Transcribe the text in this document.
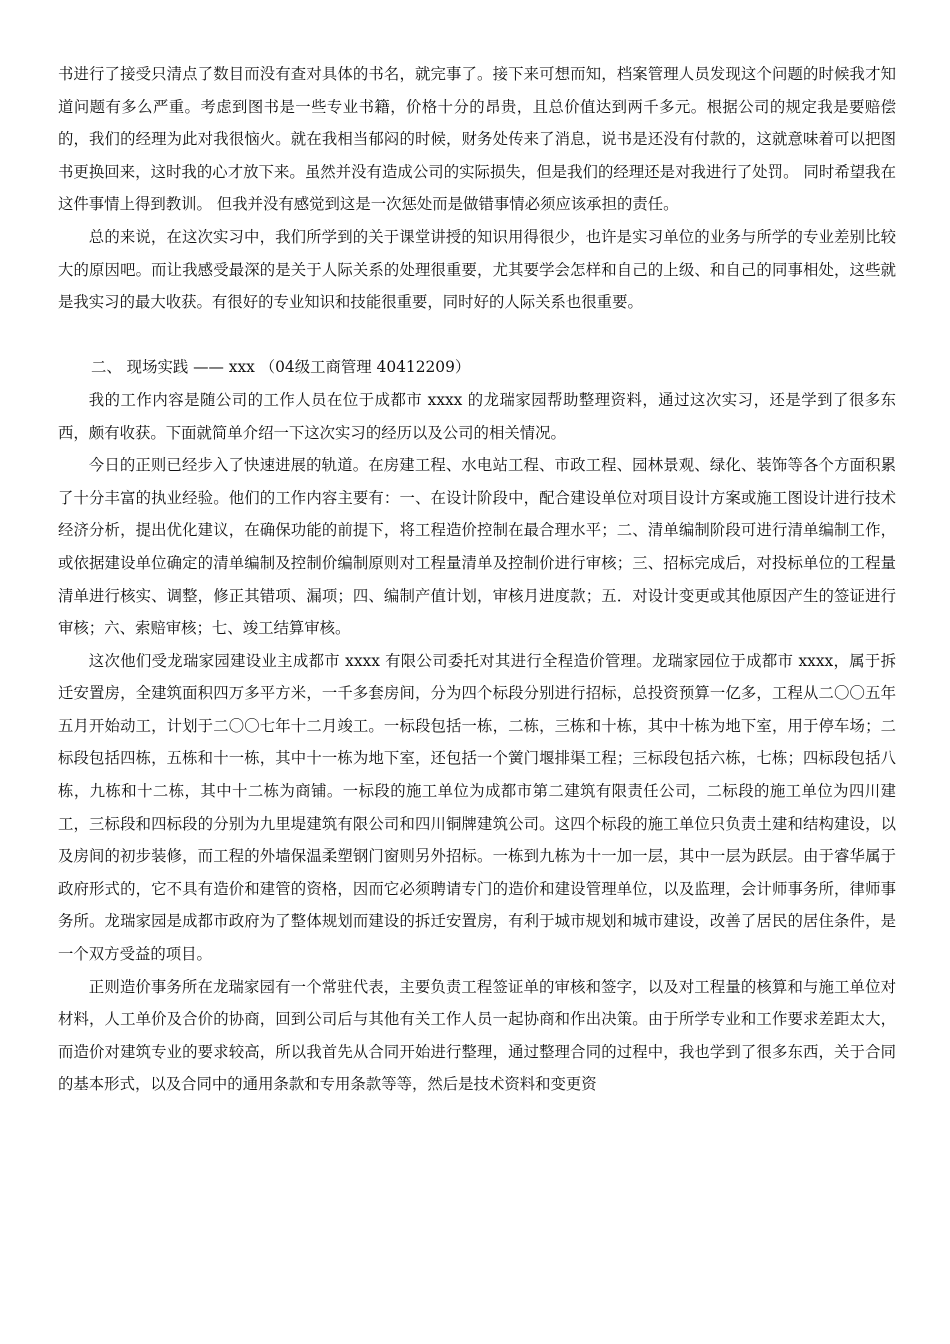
书进行了接受只清点了数目而没有查对具体的书名，就完事了。接下来可想而知，档案管理人员发现这个问题的时候我才知道问题有多么严重。考虑到图书是一些专业书籍，价格十分的昂贵，且总价值达到两千多元。根据公司的规定我是要赔偿的，我们的经理为此对我很恼火。就在我相当郁闷的时候，财务处传来了消息，说书是还没有付款的，这就意味着可以把图书更换回来，这时我的心才放下来。虽然并没有造成公司的实际损失，但是我们的经理还是对我进行了处罚。 同时希望我在这件事情上得到教训。 但我并没有感觉到这是一次惩处而是做错事情必须应该承担的责任。

总的来说，在这次实习中，我们所学到的关于课堂讲授的知识用得很少，也许是实习单位的业务与所学的专业差别比较大的原因吧。而让我感受最深的是关于人际关系的处理很重要，尤其要学会怎样和自己的上级、和自己的同事相处，这些就是我实习的最大收获。有很好的专业知识和技能很重要，同时好的人际关系也很重要。

二、 现场实践 —— xxx （04级工商管理 40412209）

我的工作内容是随公司的工作人员在位于成都市 xxxx 的龙瑞家园帮助整理资料，通过这次实习，还是学到了很多东西，颇有收获。下面就简单介绍一下这次实习的经历以及公司的相关情况。

今日的正则已经步入了快速进展的轨道。在房建工程、水电站工程、市政工程、园林景观、绿化、装饰等各个方面积累了十分丰富的执业经验。他们的工作内容主要有：一、在设计阶段中，配合建设单位对项目设计方案或施工图设计进行技术经济分析，提出优化建议，在确保功能的前提下，将工程造价控制在最合理水平；二、清单编制阶段可进行清单编制工作，或依据建设单位确定的清单编制及控制价编制原则对工程量清单及控制价进行审核；三、招标完成后，对投标单位的工程量清单进行核实、调整，修正其错项、漏项；四、编制产值计划，审核月进度款；五．对设计变更或其他原因产生的签证进行审核；六、索赔审核；七、竣工结算审核。

这次他们受龙瑞家园建设业主成都市 xxxx 有限公司委托对其进行全程造价管理。龙瑞家园位于成都市 xxxx，属于拆迁安置房，全建筑面积四万多平方米，一千多套房间，分为四个标段分别进行招标，总投资预算一亿多，工程从二〇〇五年五月开始动工，计划于二〇〇七年十二月竣工。一标段包括一栋，二栋，三栋和十栋，其中十栋为地下室，用于停车场；二标段包括四栋，五栋和十一栋，其中十一栋为地下室，还包括一个黉门堰排渠工程；三标段包括六栋，七栋；四标段包括八栋，九栋和十二栋，其中十二栋为商铺。一标段的施工单位为成都市第二建筑有限责任公司，二标段的施工单位为四川建工，三标段和四标段的分别为九里堤建筑有限公司和四川铜牌建筑公司。这四个标段的施工单位只负责土建和结构建设，以及房间的初步装修，而工程的外墙保温柔塑钢门窗则另外招标。一栋到九栋为十一加一层，其中一层为跃层。由于睿华属于政府形式的，它不具有造价和建管的资格，因而它必须聘请专门的造价和建设管理单位，以及监理，会计师事务所，律师事务所。龙瑞家园是成都市政府为了整体规划而建设的拆迁安置房，有利于城市规划和城市建设，改善了居民的居住条件，是一个双方受益的项目。

正则造价事务所在龙瑞家园有一个常驻代表，主要负责工程签证单的审核和签字，以及对工程量的核算和与施工单位对材料，人工单价及合价的协商，回到公司后与其他有关工作人员一起协商和作出决策。由于所学专业和工作要求差距太大，而造价对建筑专业的要求较高，所以我首先从合同开始进行整理，通过整理合同的过程中，我也学到了很多东西，关于合同的基本形式，以及合同中的通用条款和专用条款等等，然后是技术资料和变更资
